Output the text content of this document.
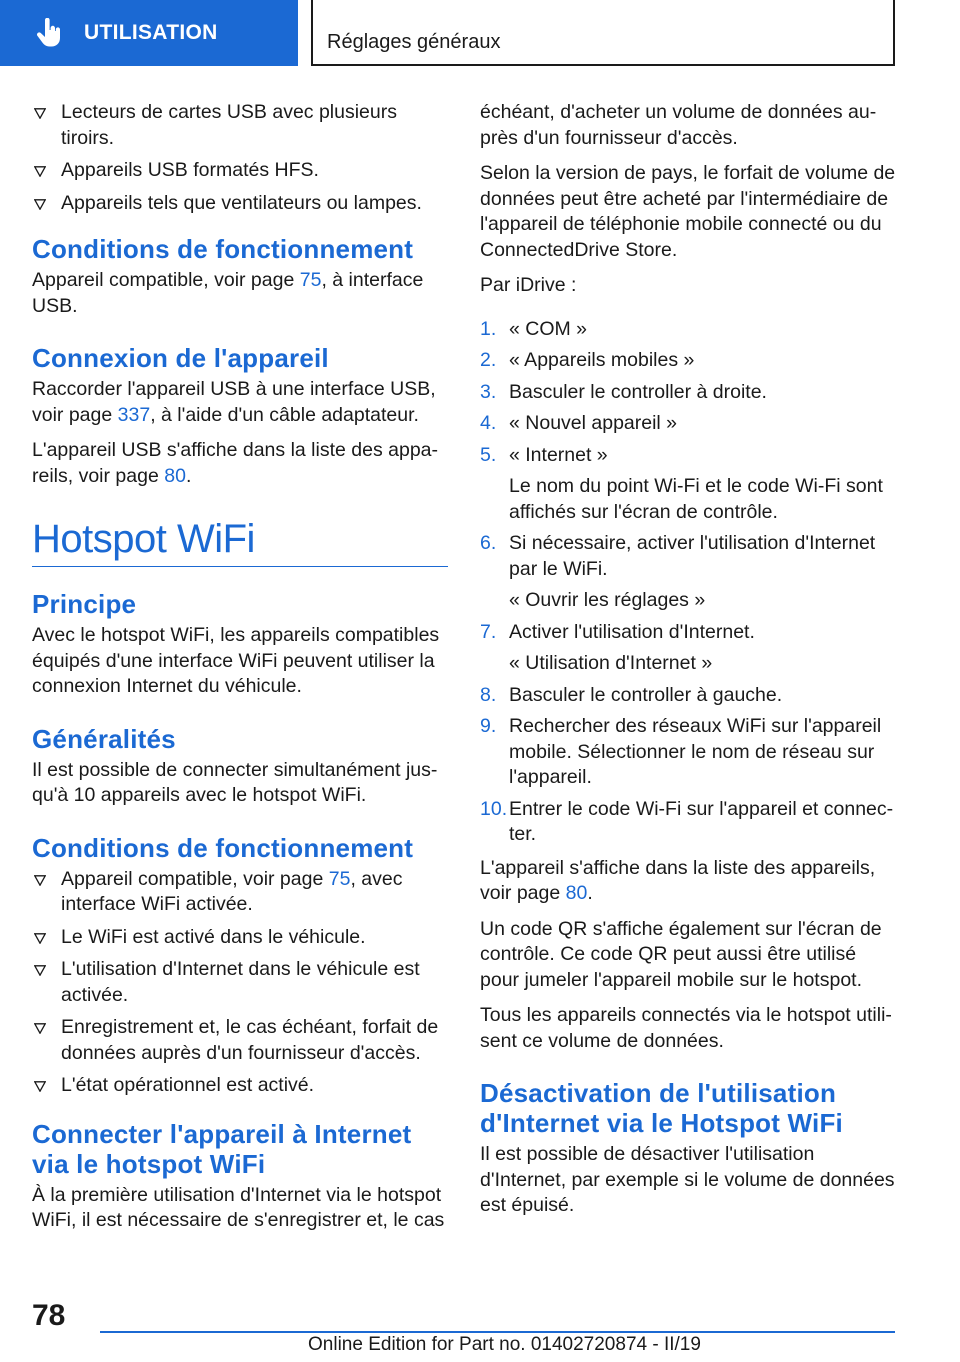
UTILISATION	Réglages généraux
Lecteurs de cartes USB avec plusieurs tiroirs.
Appareils USB formatés HFS.
Appareils tels que ventilateurs ou lampes.
Conditions de fonctionnement
Appareil compatible, voir page 75, à interface USB.
Connexion de l'appareil
Raccorder l'appareil USB à une interface USB, voir page 337, à l'aide d'un câble adaptateur.
L'appareil USB s'affiche dans la liste des appareils, voir page 80.
Hotspot WiFi
Principe
Avec le hotspot WiFi, les appareils compatibles équipés d'une interface WiFi peuvent utiliser la connexion Internet du véhicule.
Généralités
Il est possible de connecter simultanément jusqu'à 10 appareils avec le hotspot WiFi.
Conditions de fonctionnement
Appareil compatible, voir page 75, avec interface WiFi activée.
Le WiFi est activé dans le véhicule.
L'utilisation d'Internet dans le véhicule est activée.
Enregistrement et, le cas échéant, forfait de données auprès d'un fournisseur d'accès.
L'état opérationnel est activé.
Connecter l'appareil à Internet via le hotspot WiFi
À la première utilisation d'Internet via le hotspot WiFi, il est nécessaire de s'enregistrer et, le cas
échéant, d'acheter un volume de données auprès d'un fournisseur d'accès.
Selon la version de pays, le forfait de volume de données peut être acheté par l'intermédiaire de l'appareil de téléphonie mobile connecté ou du ConnectedDrive Store.
Par iDrive :
1. « COM »
2. « Appareils mobiles »
3. Basculer le controller à droite.
4. « Nouvel appareil »
5. « Internet »
Le nom du point Wi-Fi et le code Wi-Fi sont affichés sur l'écran de contrôle.
6. Si nécessaire, activer l'utilisation d'Internet par le WiFi.
« Ouvrir les réglages »
7. Activer l'utilisation d'Internet.
« Utilisation d'Internet »
8. Basculer le controller à gauche.
9. Rechercher des réseaux WiFi sur l'appareil mobile. Sélectionner le nom de réseau sur l'appareil.
10. Entrer le code Wi-Fi sur l'appareil et connecter.
L'appareil s'affiche dans la liste des appareils, voir page 80.
Un code QR s'affiche également sur l'écran de contrôle. Ce code QR peut aussi être utilisé pour jumeler l'appareil mobile sur le hotspot.
Tous les appareils connectés via le hotspot utilisent ce volume de données.
Désactivation de l'utilisation d'Internet via le Hotspot WiFi
Il est possible de désactiver l'utilisation d'Internet, par exemple si le volume de données est épuisé.
78
Online Edition for Part no. 01402720874 - II/19
